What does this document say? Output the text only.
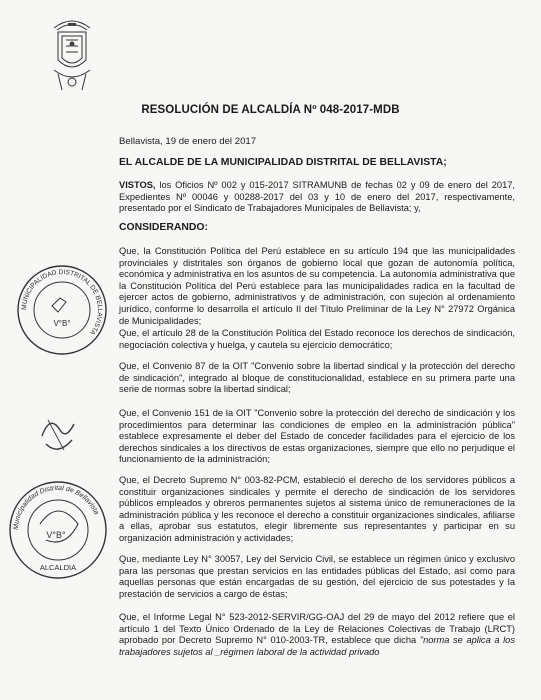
RESOLUCIÓN DE ALCALDÍA Nº 048-2017-MDB
Bellavista, 19 de enero del 2017
EL ALCALDE DE LA MUNICIPALIDAD DISTRITAL DE BELLAVISTA;

VISTOS, los Oficios Nº 002 y 015-2017 SITRAMUNB de fechas 02 y 09 de enero del 2017, Expedientes Nº 00046 y 00288-2017 del 03 y 10 de enero del 2017, respectivamente, presentado por el Sindicato de Trabajadores Municipales de Bellavista; y,

CONSIDERANDO:

Que, la Constitución Política del Perú establece en su artículo 194 que las municipalidades provinciales y distritales son órganos de gobierno local que gozan de autonomía política, económica y administrativa en los asuntos de su competencia. La autonomía administrativa que la Constitución Política del Perú establece para las municipalidades radica en la facultad de ejercer actos de gobierno, administrativos y de administración, con sujeción al ordenamiento jurídico, conforme lo desarrolla el artículo II del Título Preliminar de la Ley N° 27972 Orgánica de Municipalidades;

Que, el artículo 28 de la Constitución Política del Estado reconoce los derechos de sindicación, negociación colectiva y huelga, y cautela su ejercicio democrático;

Que, el Convenio 87 de la OIT "Convenio sobre la libertad sindical y la protección del derecho de sindicación", integrado al bloque de constitucionalidad, establece en su primera parte una serie de normas sobre la libertad sindical;

Que, el Convenio 151 de la OIT "Convenio sobre la protección del derecho de sindicación y los procedimientos para determinar las condiciones de empleo en la administración pública" establece expresamente el deber del Estado de conceder facilidades para el ejercicio de los derechos sindicales a los directivos de estas organizaciones, siempre que ello no perjudique el funcionamiento de la administración;

Que, el Decreto Supremo N° 003-82-PCM, estableció el derecho de los servidores públicos a constituir organizaciones sindicales y permite el derecho de sindicación de los servidores públicos empleados y obreros permanentes sujetos al sistema único de remuneraciones de la administración pública y les reconoce el derecho a constituir organizaciones sindicales, afiliarse a ellas, aprobar sus estatutos, elegir libremente sus representantes y participar en su organización administración y actividades;

Que, mediante Ley N° 30057, Ley del Servicio Civil, se establece un régimen único y exclusivo para las personas que prestan servicios en las entidades públicas del Estado, así como para aquellas personas que están encargadas de su gestión, del ejercicio de sus potestades y la prestación de servicios a cargo de éstas;

Que, el Informe Legal N° 523-2012-SERVIR/GG-OAJ del 29 de mayo del 2012 refiere que el artículo 1 del Texto Único Ordenado de la Ley de Relaciones Colectivas de Trabajo (LRCT) aprobado por Decreto Supremo N° 010-2003-TR, establece que dicha "norma se aplica a los trabajadores sujetos al _régimen laboral de la actividad privado

MUNICIPALIDAD DISTRITAL DE BELLAVISTA
V°B°
Municipalidad Distrital de Bellavista
V°B°
ALCALDIA
